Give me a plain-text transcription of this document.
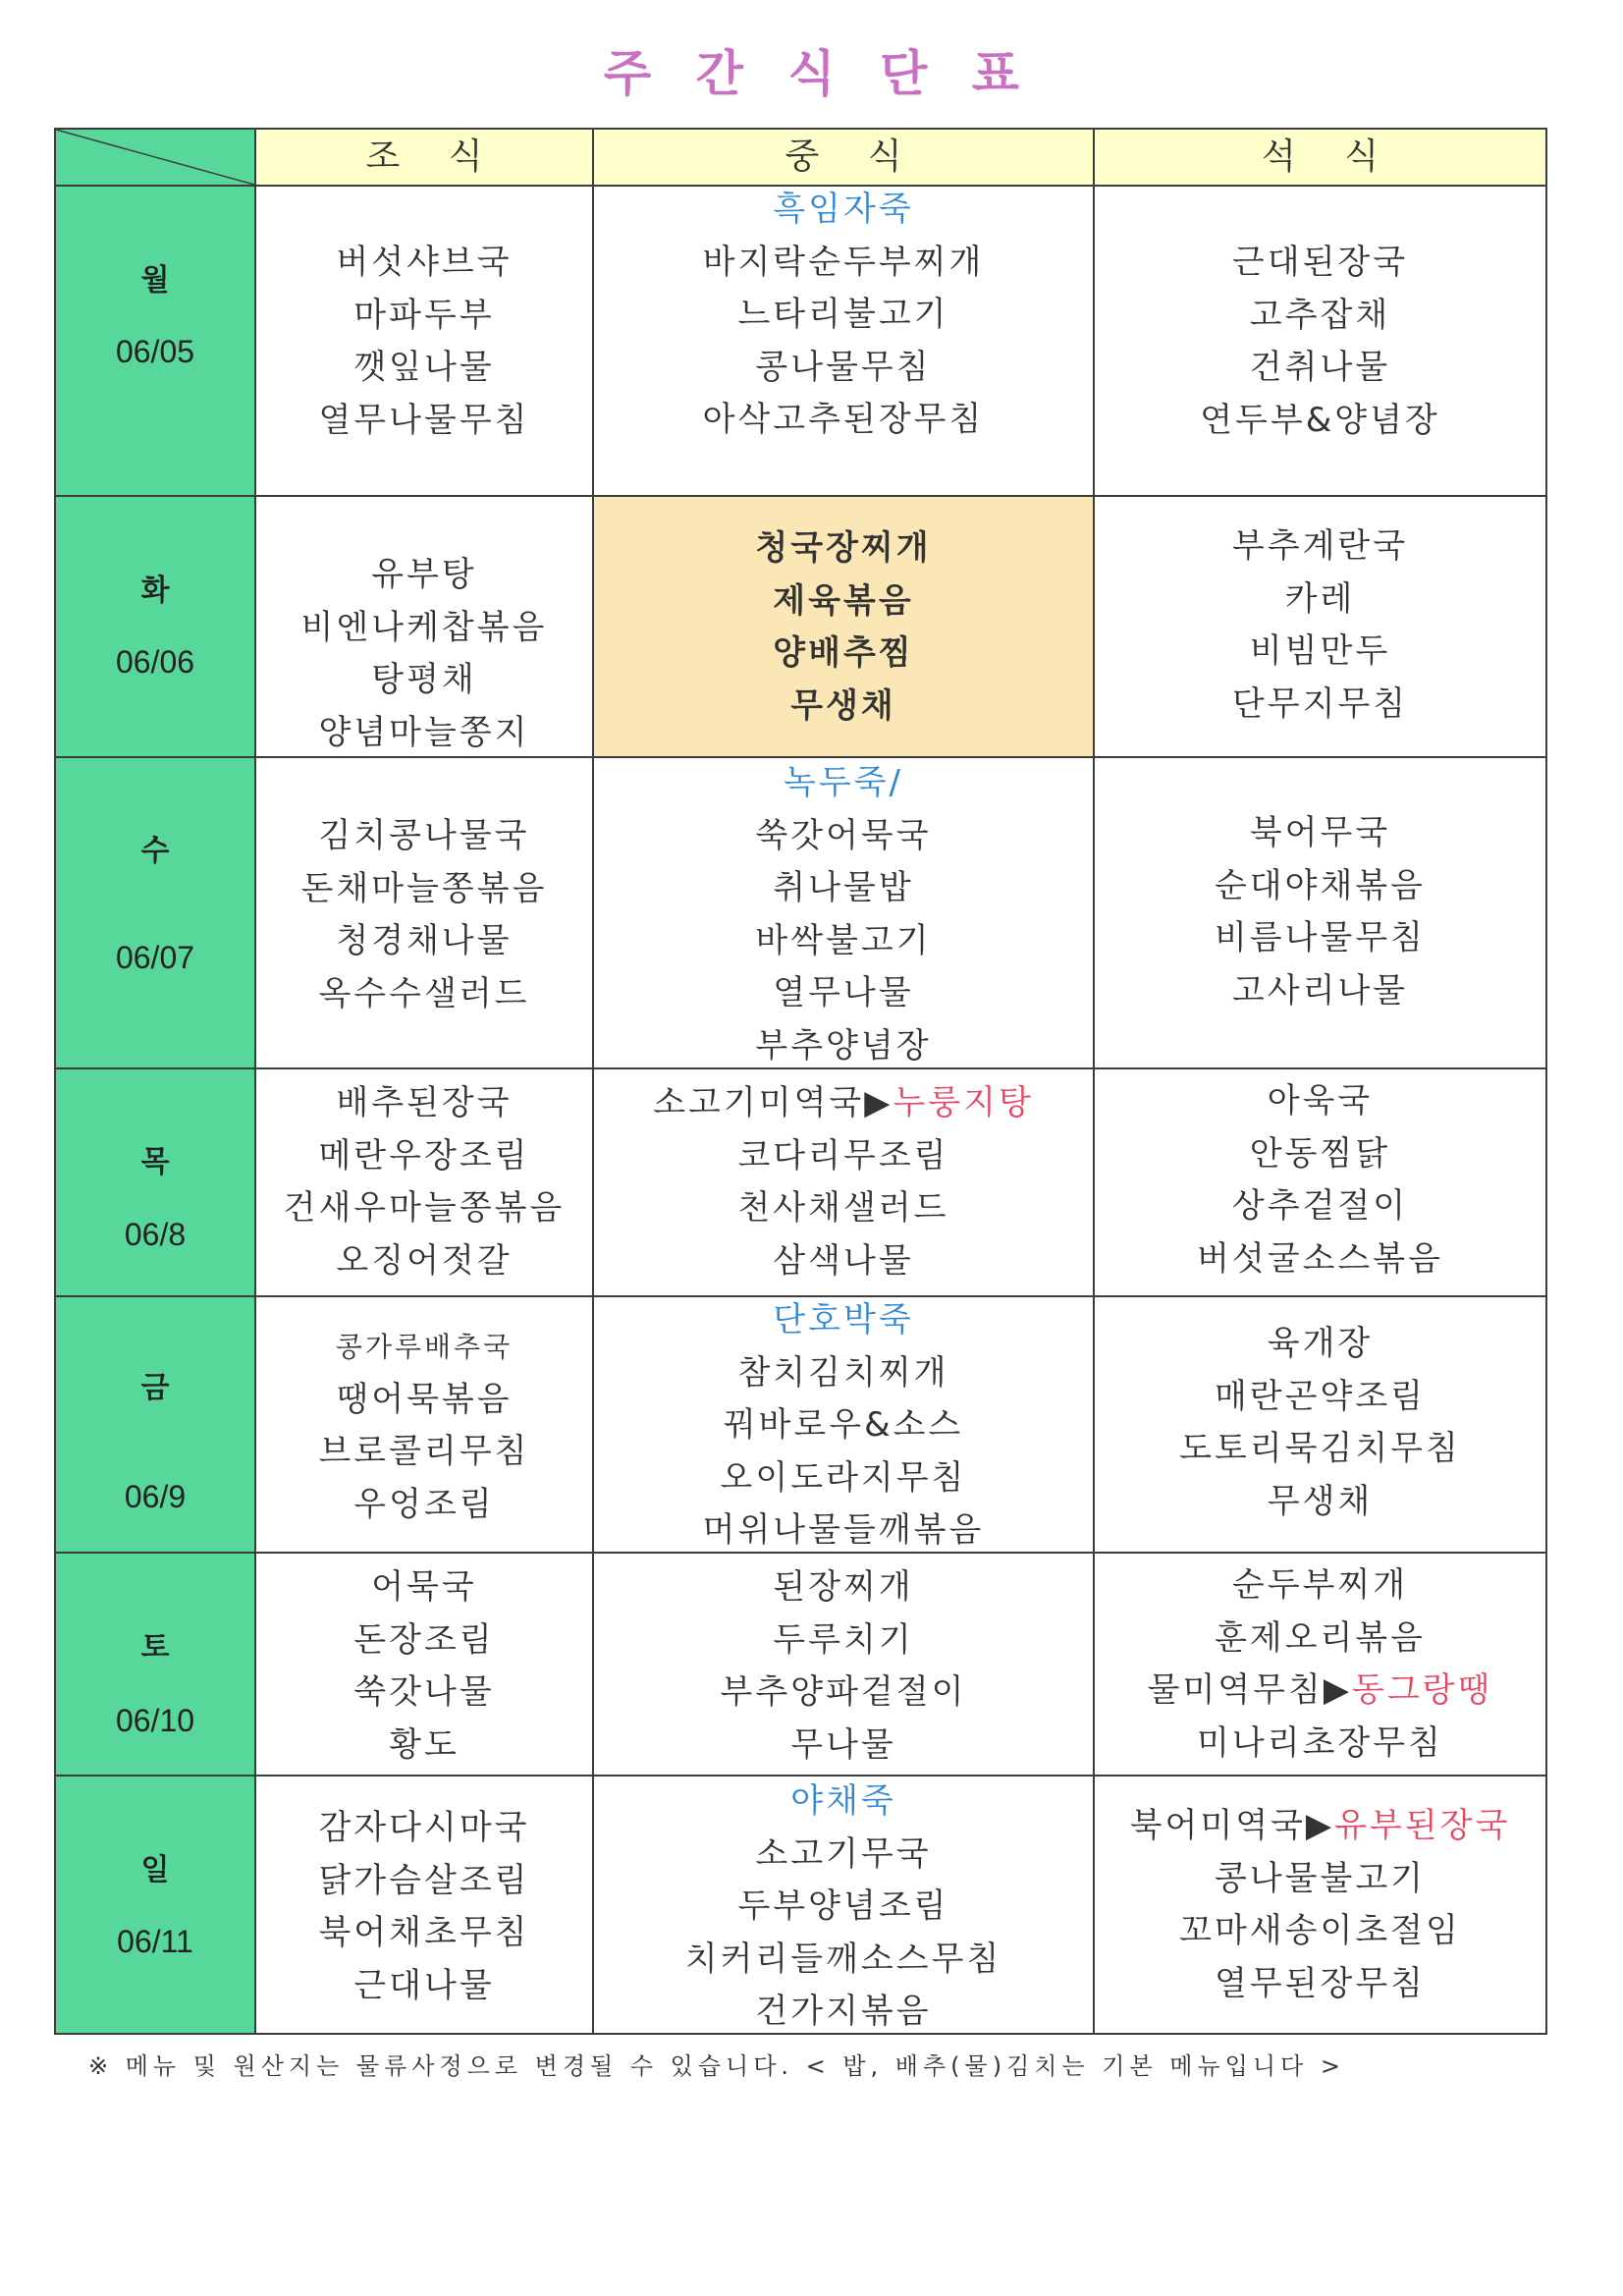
주 간 식 단 표
조 식	중 식	석 식
월
06/05
버섯샤브국
마파두부
깻잎나물
열무나물무침
흑임자죽
바지락순두부찌개
느타리불고기
콩나물무침
아삭고추된장무침
근대된장국
고추잡채
건취나물
연두부&양념장
화
06/06
유부탕
비엔나케찹볶음
탕평채
양념마늘쫑지
청국장찌개
제육볶음
양배추찜
무생채
부추계란국
카레
비빔만두
단무지무침
수
06/07
김치콩나물국
돈채마늘쫑볶음
청경채나물
옥수수샐러드
녹두죽/
쑥갓어묵국
취나물밥
바싹불고기
열무나물
부추양념장
북어무국
순대야채볶음
비름나물무침
고사리나물
목
06/8
배추된장국
메란우장조림
건새우마늘쫑볶음
오징어젓갈
소고기미역국▶누룽지탕
코다리무조림
천사채샐러드
삼색나물
아욱국
안동찜닭
상추겉절이
버섯굴소스볶음
금
06/9
콩가루배추국
땡어묵볶음
브로콜리무침
우엉조림
단호박죽
참치김치찌개
꿔바로우&소스
오이도라지무침
머위나물들깨볶음
육개장
매란곤약조림
도토리묵김치무침
무생채
토
06/10
어묵국
돈장조림
쑥갓나물
황도
된장찌개
두루치기
부추양파겉절이
무나물
순두부찌개
훈제오리볶음
물미역무침▶동그랑땡
미나리초장무침
일
06/11
감자다시마국
닭가슴살조림
북어채초무침
근대나물
야채죽
소고기무국
두부양념조림
치커리들깨소스무침
건가지볶음
북어미역국▶유부된장국
콩나물불고기
꼬마새송이초절임
열무된장무침
※ 메뉴 및 원산지는 물류사정으로 변경될 수 있습니다. < 밥, 배추(물)김치는 기본 메뉴입니다 >
